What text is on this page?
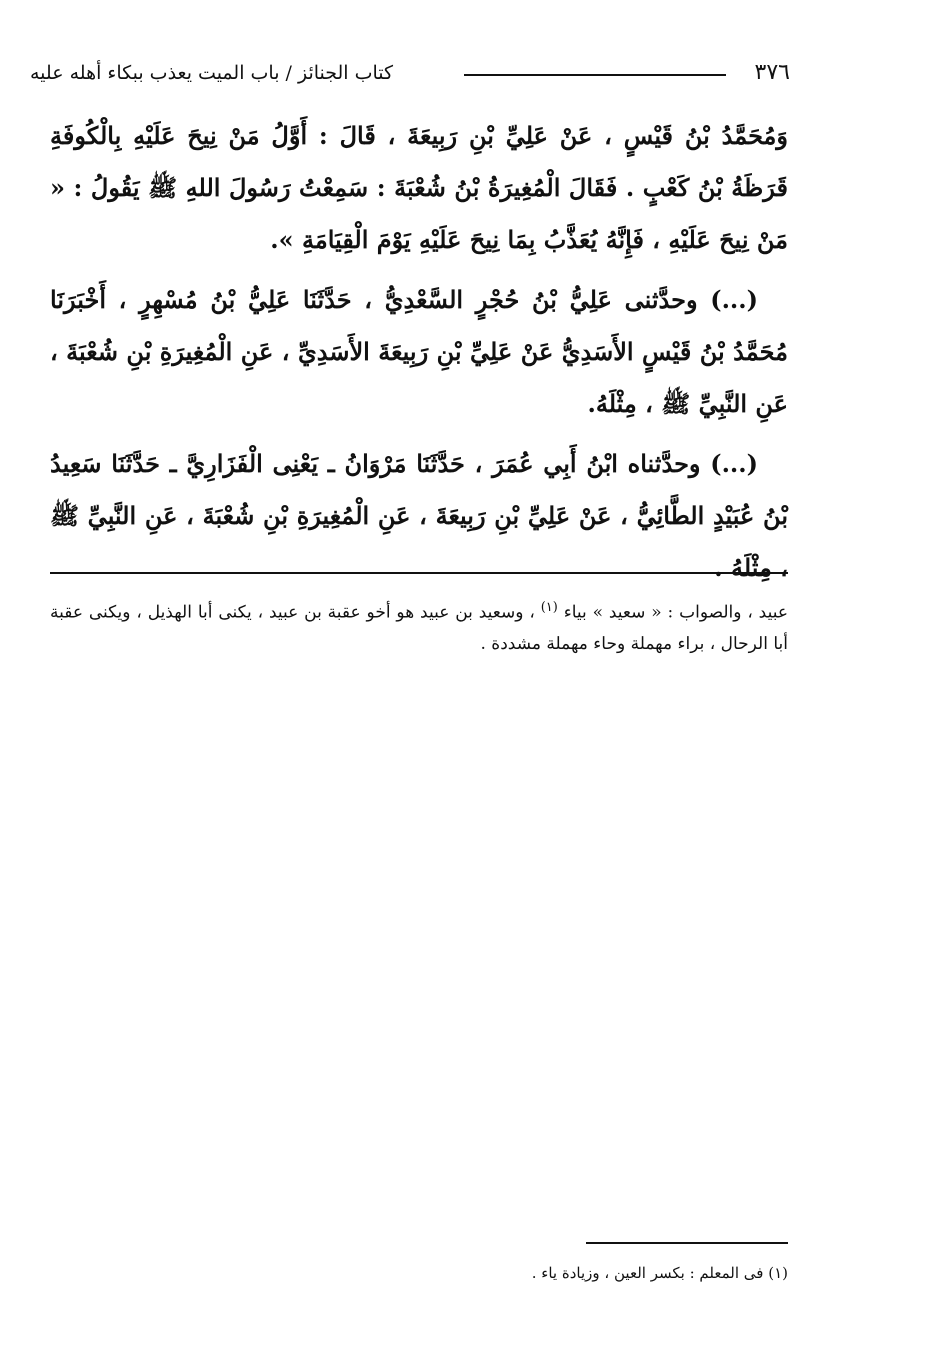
٣٧٦
كتاب الجنائز / باب الميت يعذب ببكاء أهله عليه

وَمُحَمَّدُ بْنُ قَيْسٍ ، عَنْ عَلِيِّ بْنِ رَبِيعَةَ ، قَالَ : أَوَّلُ مَنْ نِيحَ عَلَيْهِ بِالْكُوفَةِ قَرَظَةُ بْنُ كَعْبٍ . فَقَالَ الْمُغِيرَةُ بْنُ شُعْبَةَ : سَمِعْتُ رَسُولَ اللهِ ﷺ يَقُولُ : « مَنْ نِيحَ عَلَيْهِ ، فَإِنَّهُ يُعَذَّبُ بِمَا نِيحَ عَلَيْهِ يَوْمَ الْقِيَامَةِ ».

(...) وحدَّثنى عَلِيُّ بْنُ حُجْرٍ السَّعْدِيُّ ، حَدَّثَنَا عَلِيُّ بْنُ مُسْهِرٍ ، أَخْبَرَنَا مُحَمَّدُ بْنُ قَيْسٍ الأَسَدِيُّ عَنْ عَلِيِّ بْنِ رَبِيعَةَ الأَسَدِيِّ ، عَنِ الْمُغِيرَةِ بْنِ شُعْبَةَ ، عَنِ النَّبِيِّ ﷺ ، مِثْلَهُ.

(...) وحدَّثناه ابْنُ أَبِي عُمَرَ ، حَدَّثَنَا مَرْوَانُ ـ يَعْنِى الْفَزَارِيَّ ـ حَدَّثَنَا سَعِيدُ بْنُ عُبَيْدٍ الطَّائِيُّ ، عَنْ عَلِيِّ بْنِ رَبِيعَةَ ، عَنِ الْمُغِيرَةِ بْنِ شُعْبَةَ ، عَنِ النَّبِيِّ ﷺ ، مِثْلَهُ .

عبيد ، والصواب : « سعيد » بياء $^{(١)}$ ، وسعيد بن عبيد هو أخو عقبة بن عبيد ، يكنى أبا الهذيل ، ويكنى عقبة أبا الرحال ، براء مهملة وحاء مهملة مشددة .
(١) فى المعلم : بكسر العين ، وزيادة ياء .
